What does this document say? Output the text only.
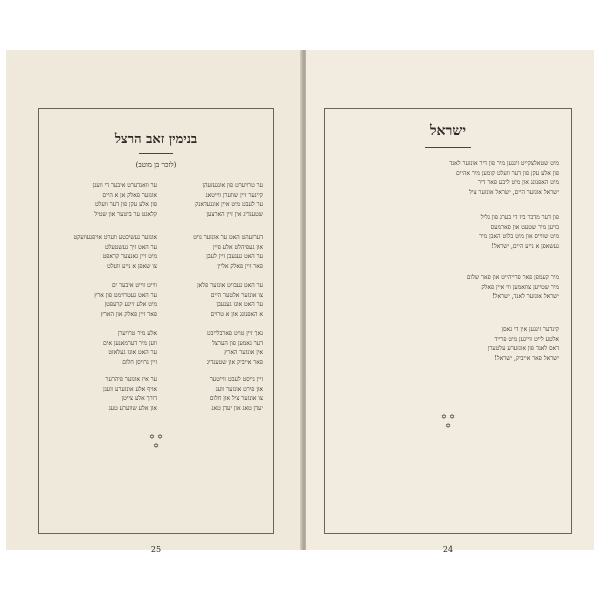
בנימין זאב הרצל
(לזכר בן מוטב)
ער טרויערט פון אונגעזעהן
קיינער זיין שווערן ווייטאג
ער לעבט מיט איין אונגעדאנק
שטענדיג אין זיין הארצען
ער וואנדערט איבער די וועגן
אונזער פאלק אן א היים
פון אלע עקן פון דער וועלט
קלאגט ער ביטער און שטיל
דערזעהט האט ער אונזער נויט
און געפיהלט אלע פיין
ער האט געגעבן זיין לעבן
פאר זיין פאלק אליין
אונזער געשיכטע ווערט אויפגעוועקט
ער האט זיך געשטעלט
מיט זיין גאנצער קראפט
צו שאפן א נייע וועלט
ער האט געבויט אונזער פלאן
צו אונזער אלטער היים
ער האט אונז געגעבן
א האפנונג און א טרוים
ווייט ווייט איבער ים
ער האט געטרוימט פון ארץ
מיט אלע זיינע קרעפטן
פאר זיין פאלק און הארץ
נאך זיין טויט פארבלייבט
דער נאמען פון הערצל
אין אונזער הארץ
פאר אייביק און שטענדיג
אלע מיר טרויערן
ווען מיר דערמאנען אים
ער האט אונז געלאזט
זיין גרויסן חלום
זיין גייסט לעבט ווייטער
און פירט אונזער וועג
צו אונזער ציל און חלום
יעדן טאג און יעדן טאג
ער איז אונזער פיהרער
אויף אלע אונזערע וועגן
דורך אלע צייטן
און אלע שווערע טעג
✡ ✡
✡
25
ישראל
מיט שטאלצקייט זינגען מיר פון דיר אונזער לאנד
פון אלע עקן פון דער וועלט קומען מיר אהיים
מיט האפנונג און מיט ליבע פאר דיר
ישראל אונזער היים, ישראל אונזער ציל
פון דער מדבר ביז די בערג פון גליל
בויען מיר שטעט און פארמעס
מיט שווייס און מיט בלוט האבן מיר
געשאפן א נייע היים, ישראל!
מיר קעמפן פאר פרייהייט און פאר שלום
מיר שטייען צוזאמען ווי איין פאלק
ישראל אונזער לאנד, ישראל!
קינדער זינגען אין די גאסן
אלטע לייט ווייגען מיט פרייד
דאס לאנד פון אונזערע עלטערן
ישראל פאר אייביק, ישראל!
✡ ✡
✡
24
